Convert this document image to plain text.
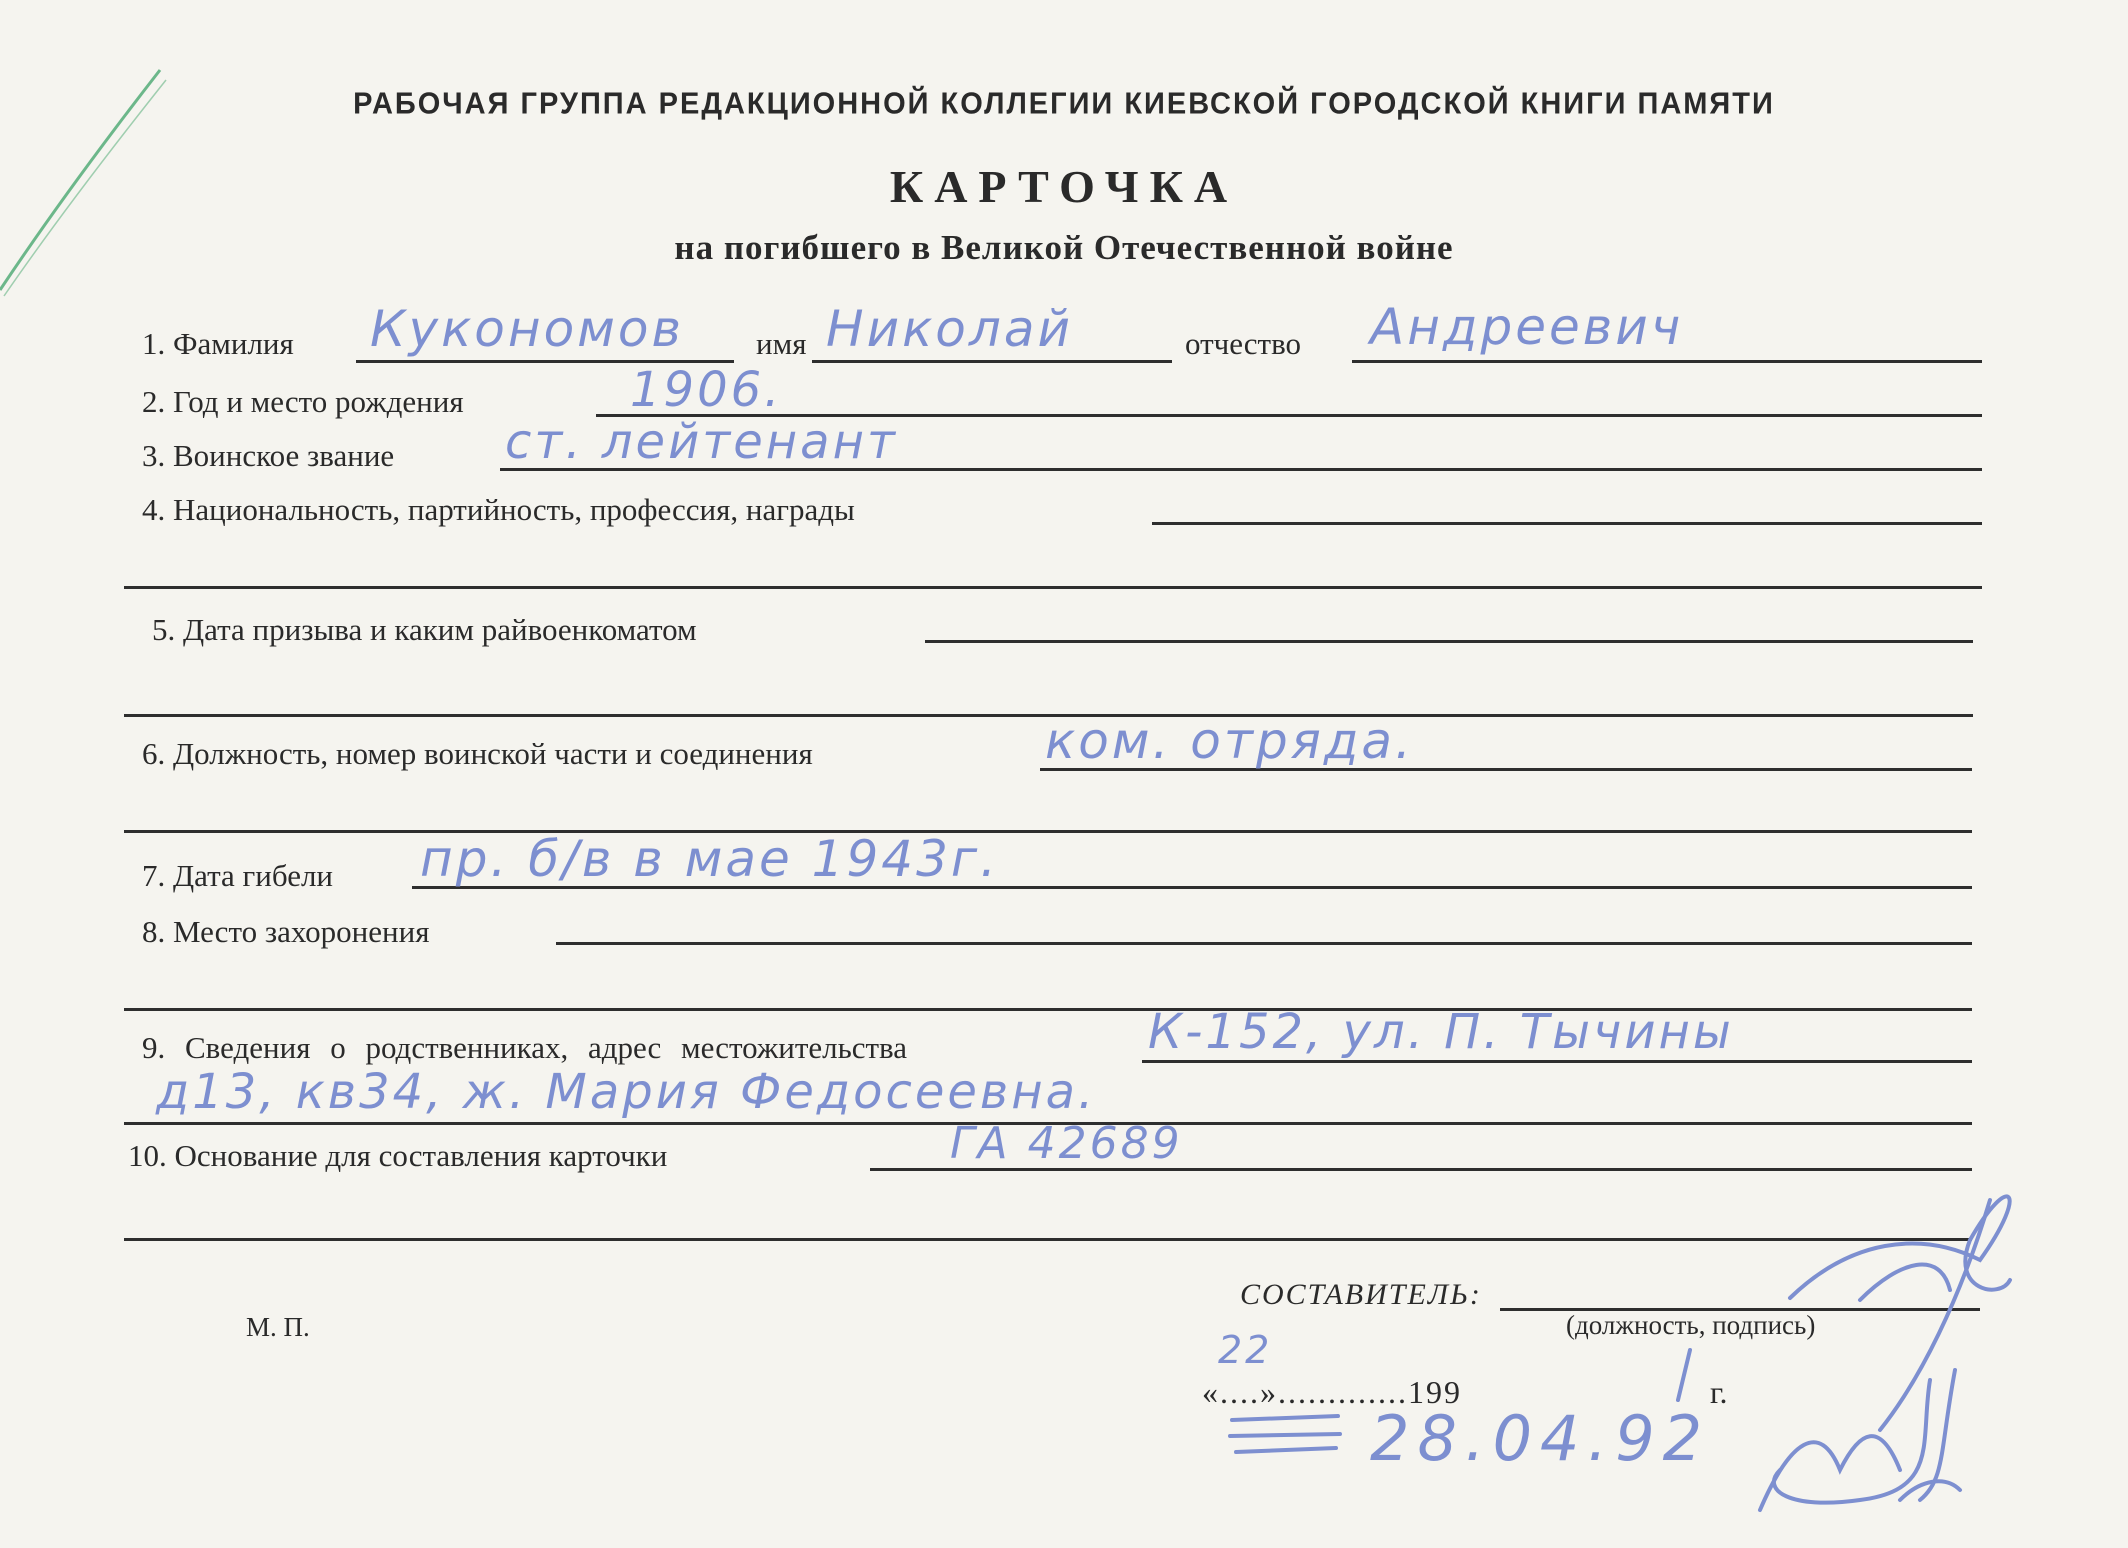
РАБОЧАЯ ГРУППА РЕДАКЦИОННОЙ КОЛЛЕГИИ КИЕВСКОЙ ГОРОДСКОЙ КНИГИ ПАМЯТИ
КАРТОЧКА
на погибшего в Великой Отечественной войне
1. Фамилия Кукономов имя Николай	отчество Андреевич
2. Год и место рождения	1906.
3. Воинское звание ст. лейтенант
4. Национальность, партийность, профессия, награды
5. Дата призыва и каким райвоенкоматом
6. Должность, номер воинской части и соединения	ком. отряда.
7. Дата гибели пр. б/в в мае 1943г.
8. Место захоронения
9. Сведения о родственниках, адрес местожительства	К-152, ул. П. Тычины
д13, кв34, ж. Мария Федосеевна.
10. Основание для составления карточки	ГА 42689
М. П.
СОСТАВИТЕЛЬ:
(должность, подпись)
«....».............199	г.
22
28.04.92
